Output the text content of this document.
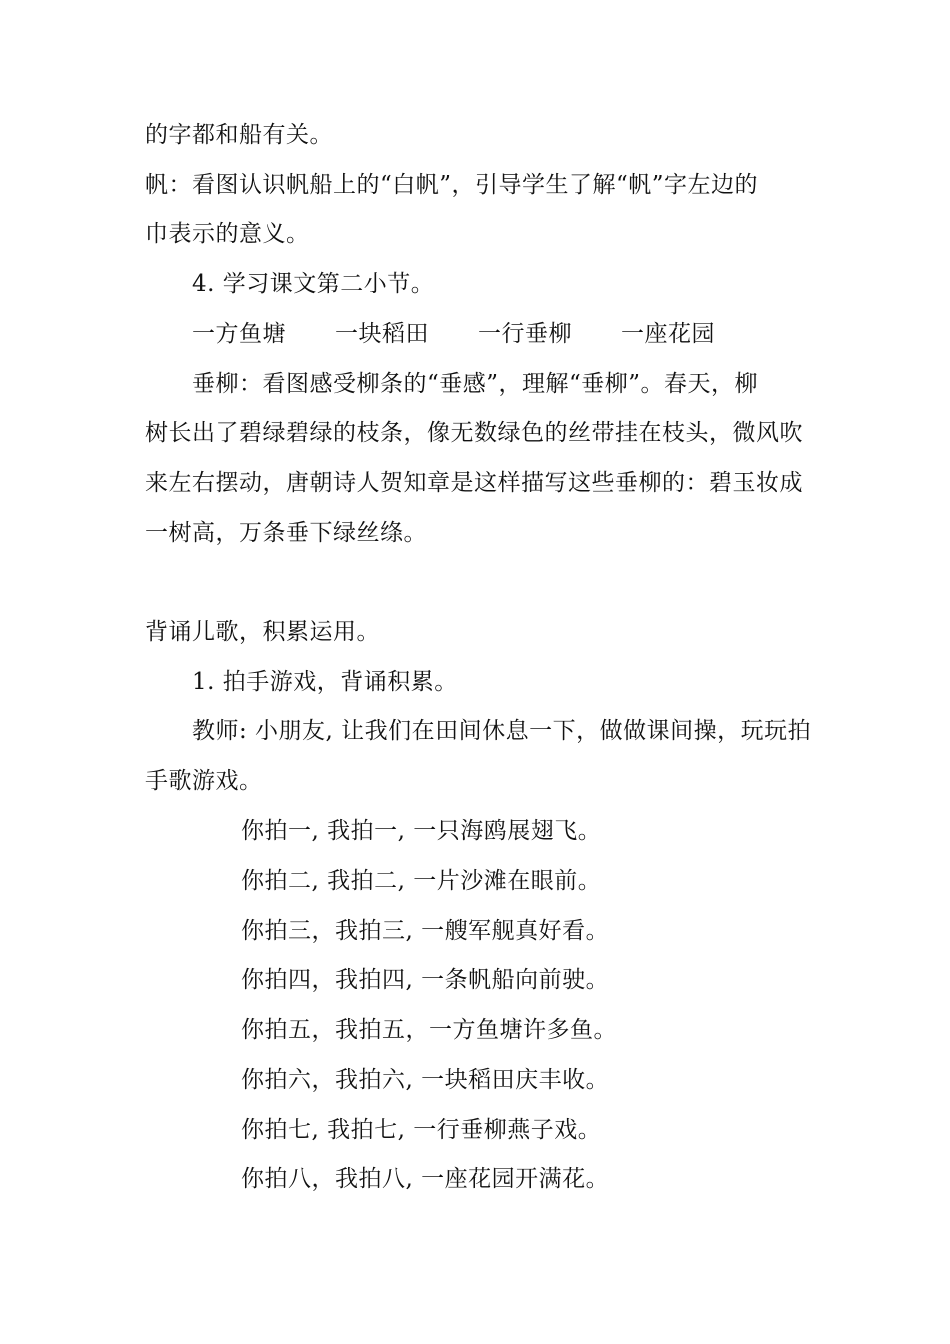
的字都和船有关。
帆：看图认识帆船上的“白帆”，引导学生了解“帆”字左边的
巾表示的意义。
4. 学习课文第二小节。
一方鱼塘 一块稻田 一行垂柳 一座花园
垂柳：看图感受柳条的“垂感”，理解“垂柳”。春天，柳
树长出了碧绿碧绿的枝条，像无数绿色的丝带挂在枝头，微风吹
来左右摆动，唐朝诗人贺知章是这样描写这些垂柳的：碧玉妆成
一树高，万条垂下绿丝绦。
背诵儿歌，积累运用。
1. 拍手游戏，背诵积累。
教师: 小朋友, 让我们在田间休息一下，做做课间操，玩玩拍
手歌游戏。
你拍一, 我拍一, 一只海鸥展翅飞。
你拍二, 我拍二, 一片沙滩在眼前。
你拍三，我拍三, 一艘军舰真好看。
你拍四，我拍四, 一条帆船向前驶。
你拍五，我拍五，一方鱼塘许多鱼。
你拍六，我拍六, 一块稻田庆丰收。
你拍七, 我拍七, 一行垂柳燕子戏。
你拍八，我拍八, 一座花园开满花。
